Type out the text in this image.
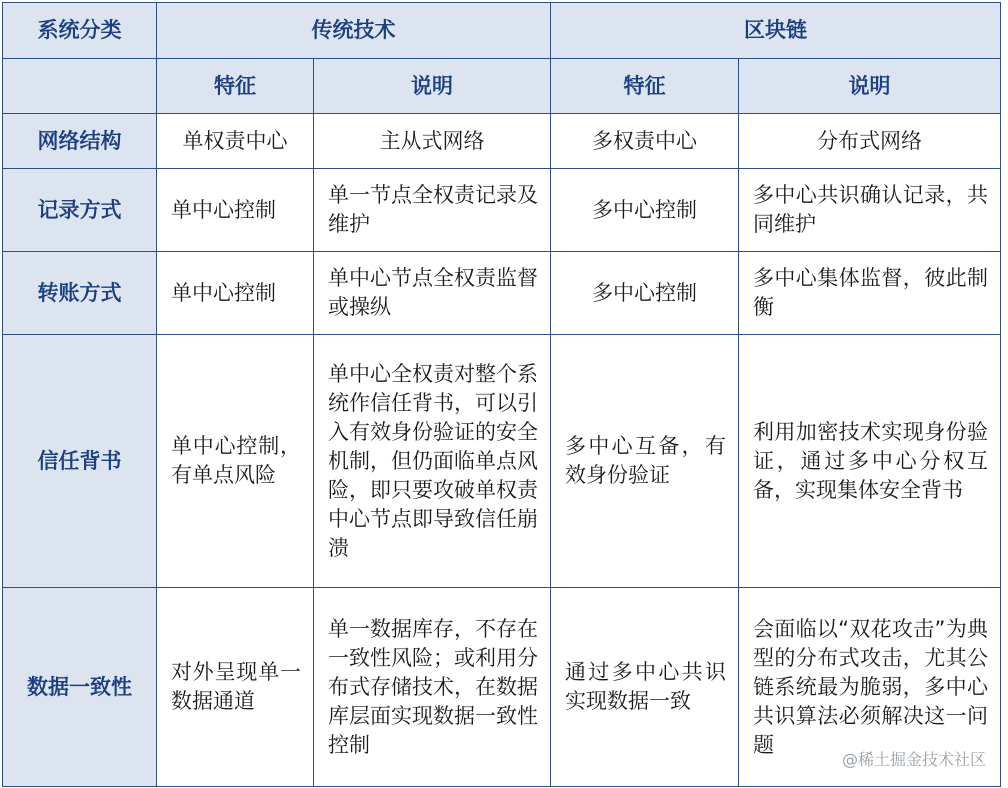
系统分类	传统技术		区块链	
	特征	说明	特征	说明
网络结构	单权责中心	主从式网络	多权责中心	分布式网络
记录方式	单中心控制	单一节点全权责记录及维护	多中心控制	多中心共识确认记录，共同维护
转账方式	单中心控制	单中心节点全权责监督或操纵	多中心控制	多中心集体监督，彼此制衡
信任背书	单中心控制，有单点风险	单中心全权责对整个系统作信任背书，可以引入有效身份验证的安全机制，但仍面临单点风险，即只要攻破单权责中心节点即导致信任崩溃	多中心互备，有效身份验证	利用加密技术实现身份验证，通过多中心分权互备，实现集体安全背书
数据一致性	对外呈现单一数据通道	单一数据库存，不存在一致性风险；或利用分布式存储技术，在数据库层面实现数据一致性控制	通过多中心共识实现数据一致	会面临以“双花攻击”为典型的分布式攻击，尤其公链系统最为脆弱，多中心共识算法必须解决这一问题
@稀土掘金技术社区
